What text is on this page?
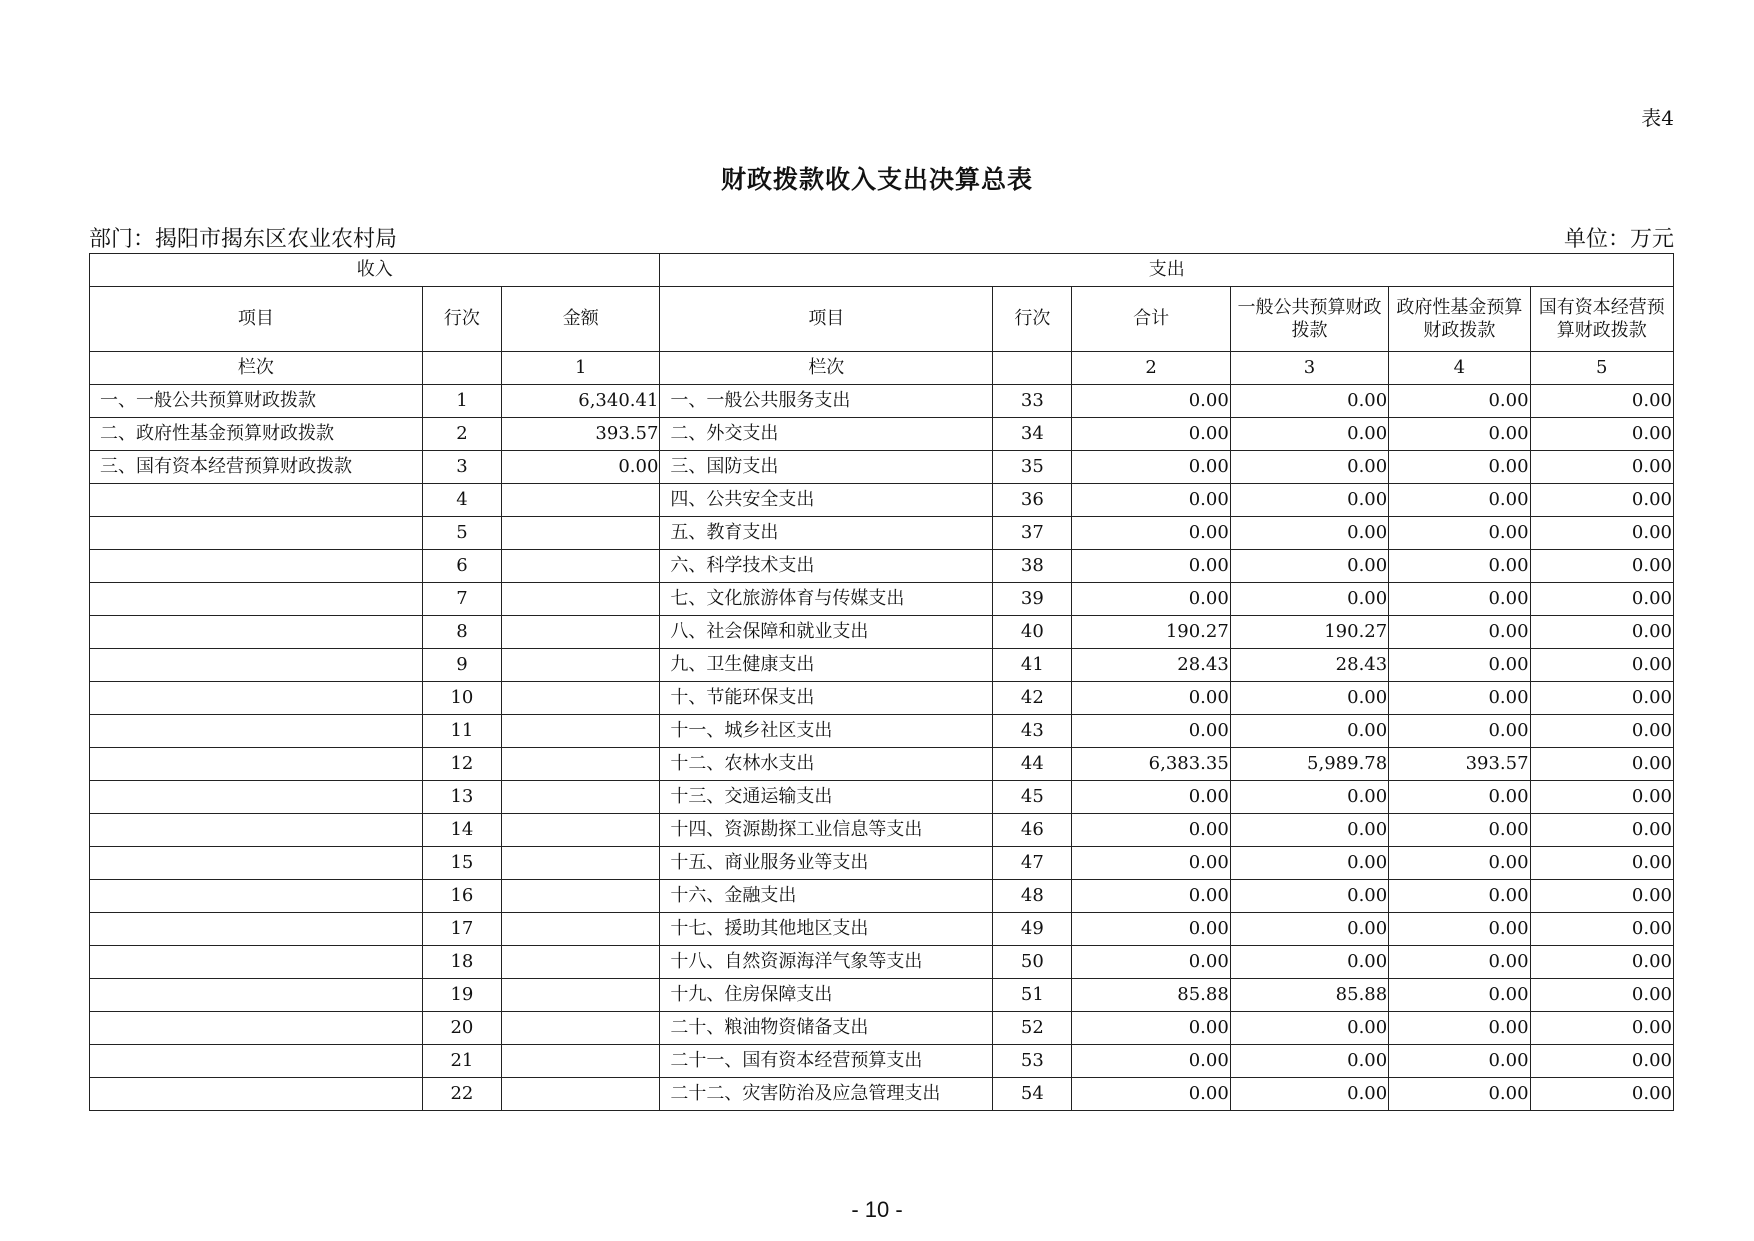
表4
财政拨款收入支出决算总表
部门：揭阳市揭东区农业农村局	单位：万元
收入			支出					
项目	行次	金额	项目	行次	合计	一般公共预算财政拨款	政府性基金预算财政拨款	国有资本经营预算财政拨款
栏次		1	栏次		2	3	4	5
一、一般公共预算财政拨款	1	6,340.41	一、一般公共服务支出	33	0.00	0.00	0.00	0.00
二、政府性基金预算财政拨款	2	393.57	二、外交支出	34	0.00	0.00	0.00	0.00
三、国有资本经营预算财政拨款	3	0.00	三、国防支出	35	0.00	0.00	0.00	0.00
	4		四、公共安全支出	36	0.00	0.00	0.00	0.00
	5		五、教育支出	37	0.00	0.00	0.00	0.00
	6		六、科学技术支出	38	0.00	0.00	0.00	0.00
	7		七、文化旅游体育与传媒支出	39	0.00	0.00	0.00	0.00
	8		八、社会保障和就业支出	40	190.27	190.27	0.00	0.00
	9		九、卫生健康支出	41	28.43	28.43	0.00	0.00
	10		十、节能环保支出	42	0.00	0.00	0.00	0.00
	11		十一、城乡社区支出	43	0.00	0.00	0.00	0.00
	12		十二、农林水支出	44	6,383.35	5,989.78	393.57	0.00
	13		十三、交通运输支出	45	0.00	0.00	0.00	0.00
	14		十四、资源勘探工业信息等支出	46	0.00	0.00	0.00	0.00
	15		十五、商业服务业等支出	47	0.00	0.00	0.00	0.00
	16		十六、金融支出	48	0.00	0.00	0.00	0.00
	17		十七、援助其他地区支出	49	0.00	0.00	0.00	0.00
	18		十八、自然资源海洋气象等支出	50	0.00	0.00	0.00	0.00
	19		十九、住房保障支出	51	85.88	85.88	0.00	0.00
	20		二十、粮油物资储备支出	52	0.00	0.00	0.00	0.00
	21		二十一、国有资本经营预算支出	53	0.00	0.00	0.00	0.00
	22		二十二、灾害防治及应急管理支出	54	0.00	0.00	0.00	0.00
- 10 -
